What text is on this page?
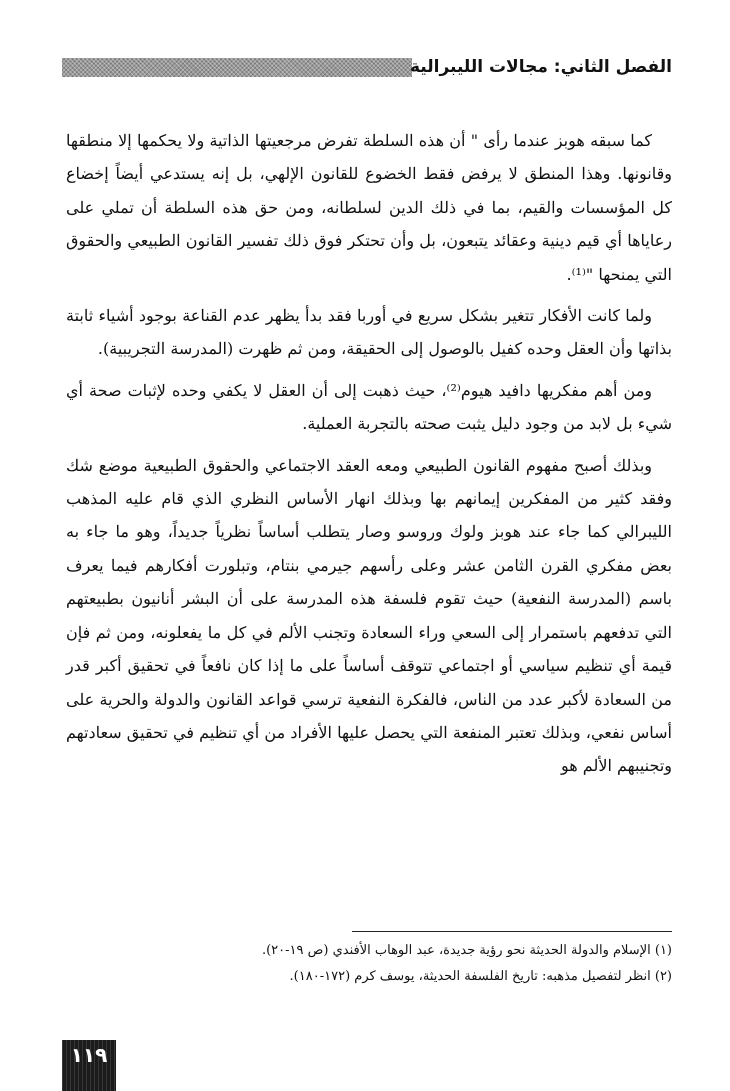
الفصل الثاني: مجالات الليبرالية

كما سبقه هوبز عندما رأى " أن هذه السلطة تفرض مرجعيتها الذاتية ولا يحكمها إلا منطقها وقانونها. وهذا المنطق لا يرفض فقط الخضوع للقانون الإلهي، بل إنه يستدعي أيضاً إخضاع كل المؤسسات والقيم، بما في ذلك الدين لسلطانه، ومن حق هذه السلطة أن تملي على رعاياها أي قيم دينية وعقائد يتبعون، بل وأن تحتكر فوق ذلك تفسير القانون الطبيعي والحقوق التي يمنحها "⁽¹⁾.

ولما كانت الأفكار تتغير بشكل سريع في أوربا فقد بدأ يظهر عدم القناعة بوجود أشياء ثابتة بذاتها وأن العقل وحده كفيل بالوصول إلى الحقيقة، ومن ثم ظهرت (المدرسة التجريبية).

ومن أهم مفكريها دافيد هيوم⁽²⁾، حيث ذهبت إلى أن العقل لا يكفي وحده لإثبات صحة أي شيء بل لابد من وجود دليل يثبت صحته بالتجربة العملية.

وبذلك أصبح مفهوم القانون الطبيعي ومعه العقد الاجتماعي والحقوق الطبيعية موضع شك وفقد كثير من المفكرين إيمانهم بها وبذلك انهار الأساس النظري الذي قام عليه المذهب الليبرالي كما جاء عند هوبز ولوك وروسو وصار يتطلب أساساً نظرياً جديداً، وهو ما جاء به بعض مفكري القرن الثامن عشر وعلى رأسهم جيرمي بنتام، وتبلورت أفكارهم فيما يعرف باسم (المدرسة النفعية) حيث تقوم فلسفة هذه المدرسة على أن البشر أنانيون بطبيعتهم التي تدفعهم باستمرار إلى السعي وراء السعادة وتجنب الألم في كل ما يفعلونه، ومن ثم فإن قيمة أي تنظيم سياسي أو اجتماعي تتوقف أساساً على ما إذا كان نافعاً في تحقيق أكبر قدر من السعادة لأكبر عدد من الناس، فالفكرة النفعية ترسي قواعد القانون والدولة والحرية على أساس نفعي، وبذلك تعتبر المنفعة التي يحصل عليها الأفراد من أي تنظيم في تحقيق سعادتهم وتجنيبهم الألم هو

(١) الإسلام والدولة الحديثة نحو رؤية جديدة، عبد الوهاب الأفندي (ص ١٩-٢٠).
(٢) انظر لتفصيل مذهبه: تاريخ الفلسفة الحديثة، يوسف كرم (١٧٢-١٨٠).
١١٩
